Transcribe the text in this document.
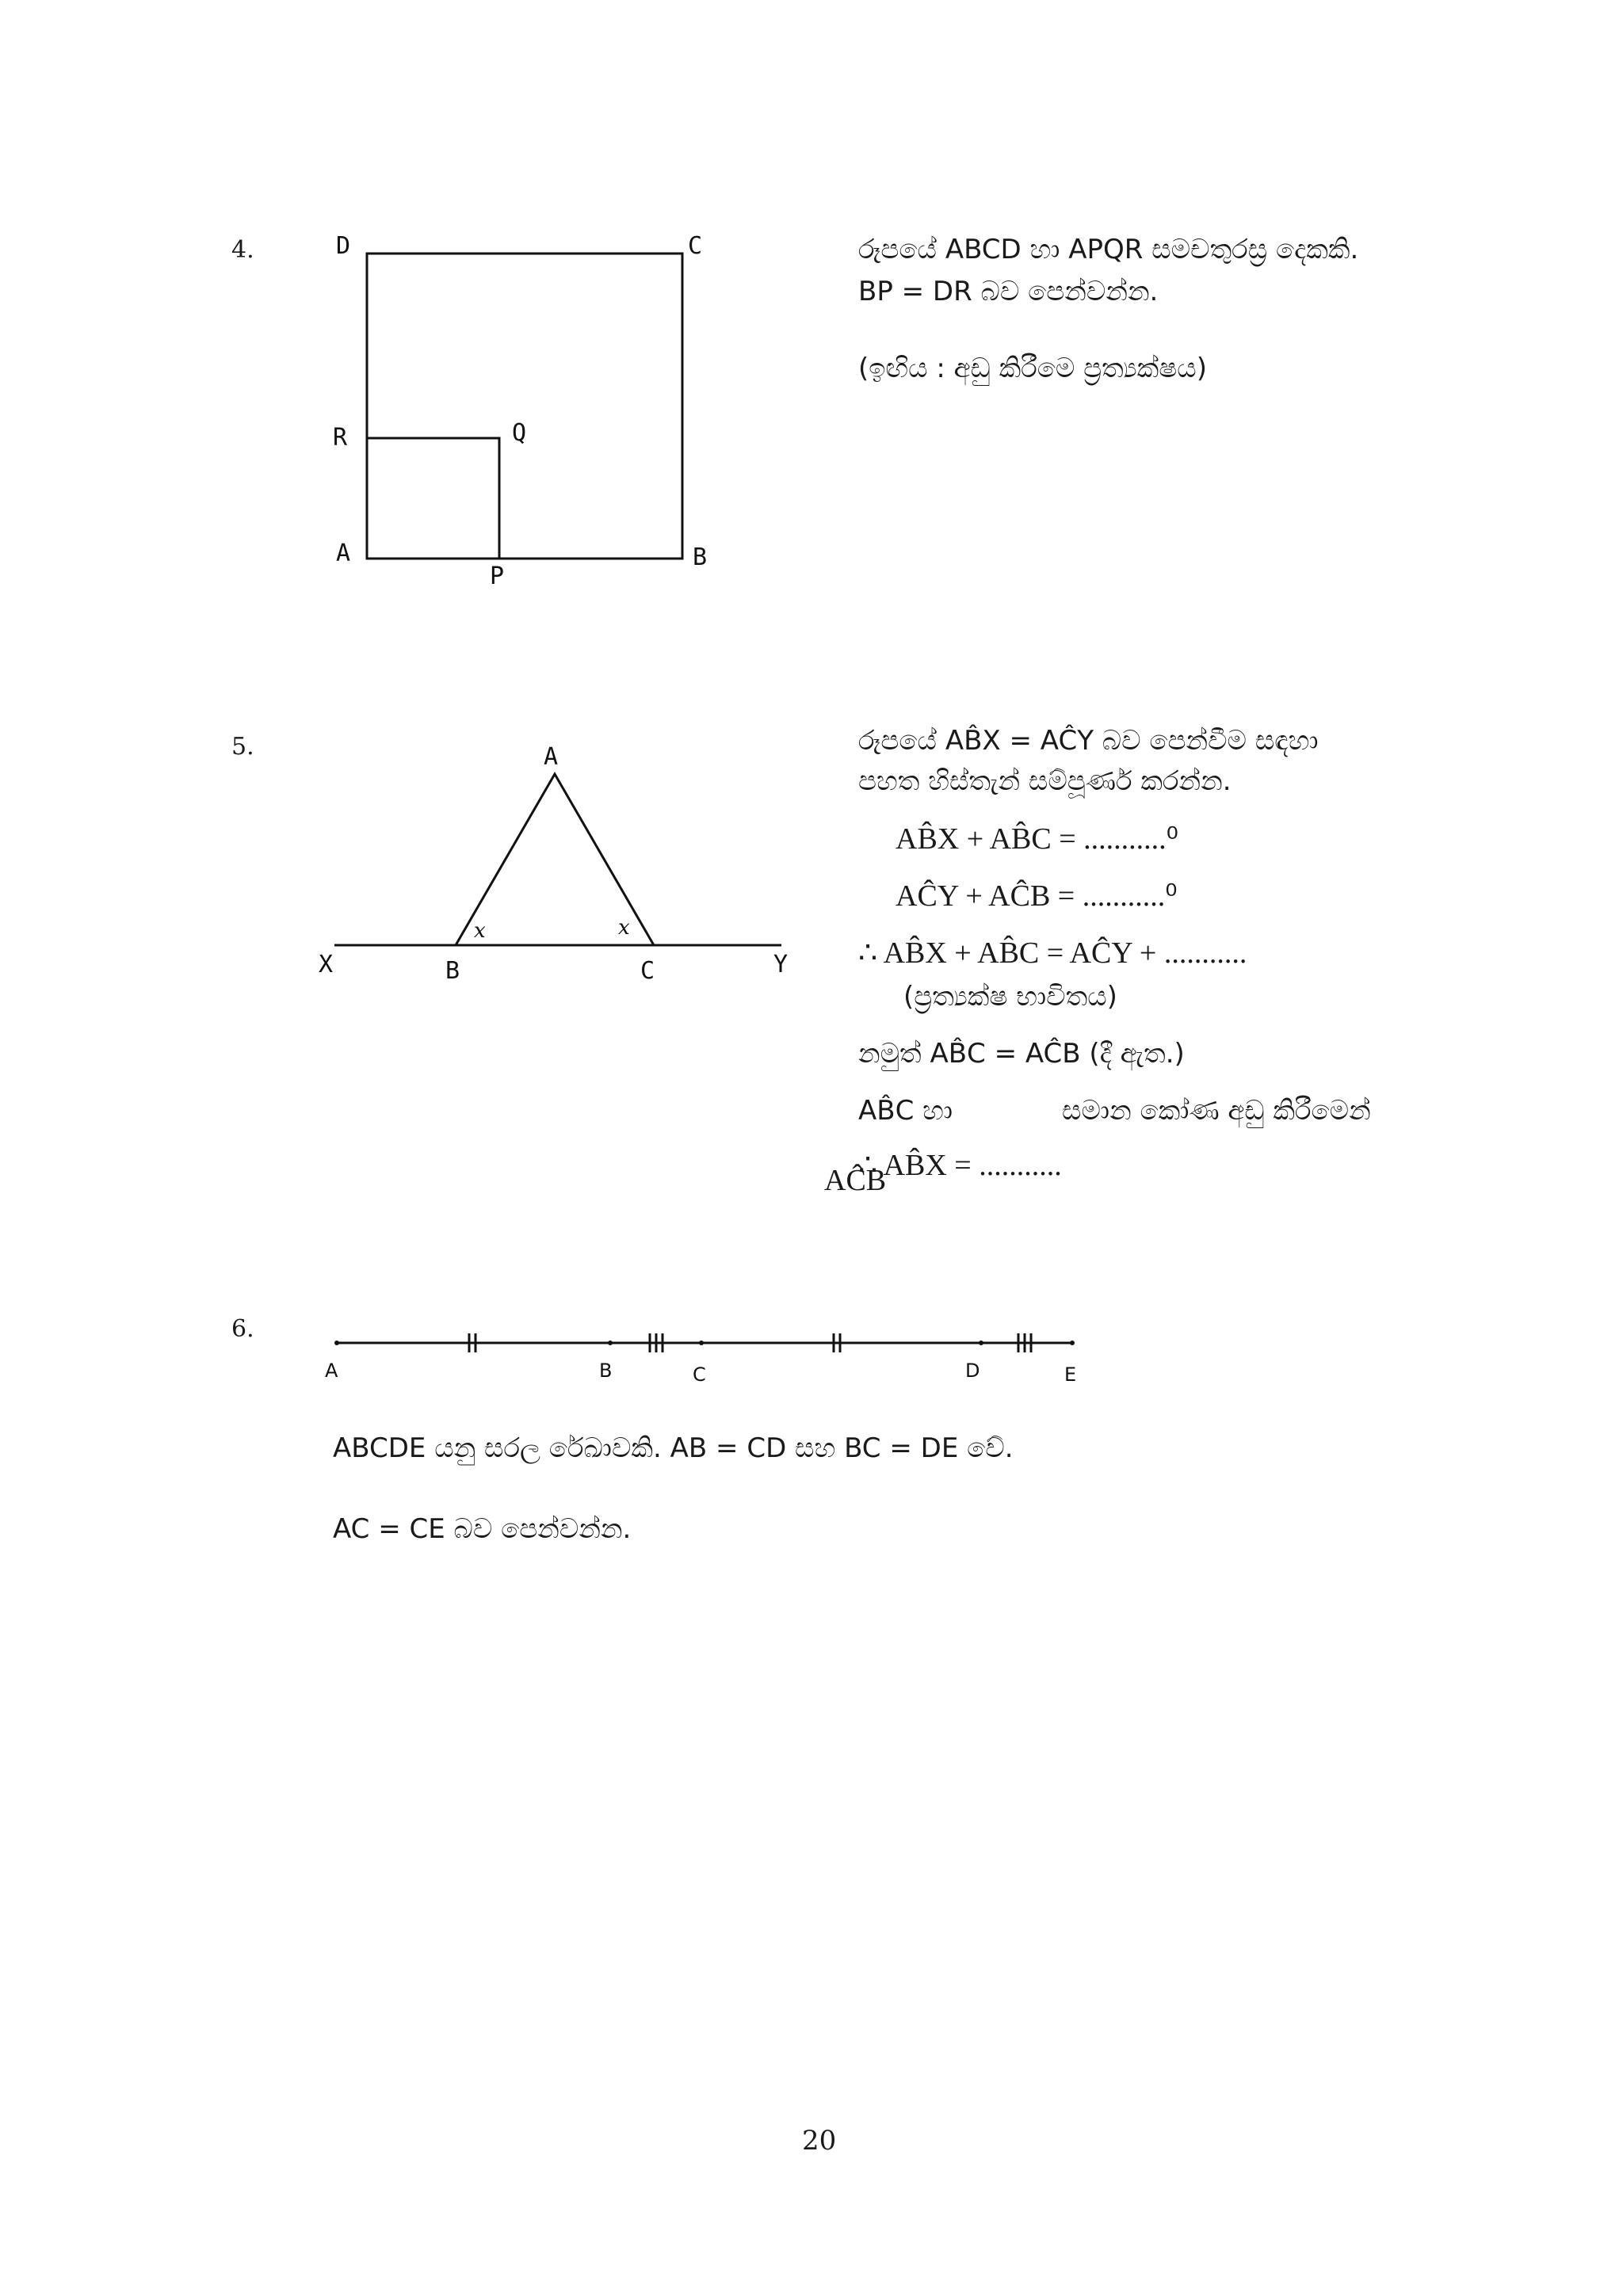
4.	D	C
R	Q
A
P
B
රූපයේ ABCD හා APQR සමචතුරස්‍ර දෙකකි.
BP = DR බව පෙන්වන්න.
(ඉඟිය : අඩු කිරීමෙ ප්‍රත්‍යක්ෂය)
5.	A
B	C
X	Y
x	x
රූපයේ AB̂X = AĈY බව පෙන්වීම සඳහා
පහත හිස්තැන් සම්පූර්ණ කරන්න.
AB̂X + AB̂C = ...........⁰
AĈY + AĈB = ...........⁰
∴ AB̂X + AB̂C = AĈY + ...........
(ප්‍රත්‍යක්ෂ භාවිතය)
නමුත් AB̂C = AĈB (දී ඇත.)
AB̂C හා	සමාන කෝණ අඩු කිරීමෙන්
AĈB
∴ AB̂X = ...........
6.
A	B	C	D	E
ABCDE යනු සරල රේඛාවකි. AB = CD සහ BC = DE වේ.
AC = CE බව පෙන්වන්න.
20
